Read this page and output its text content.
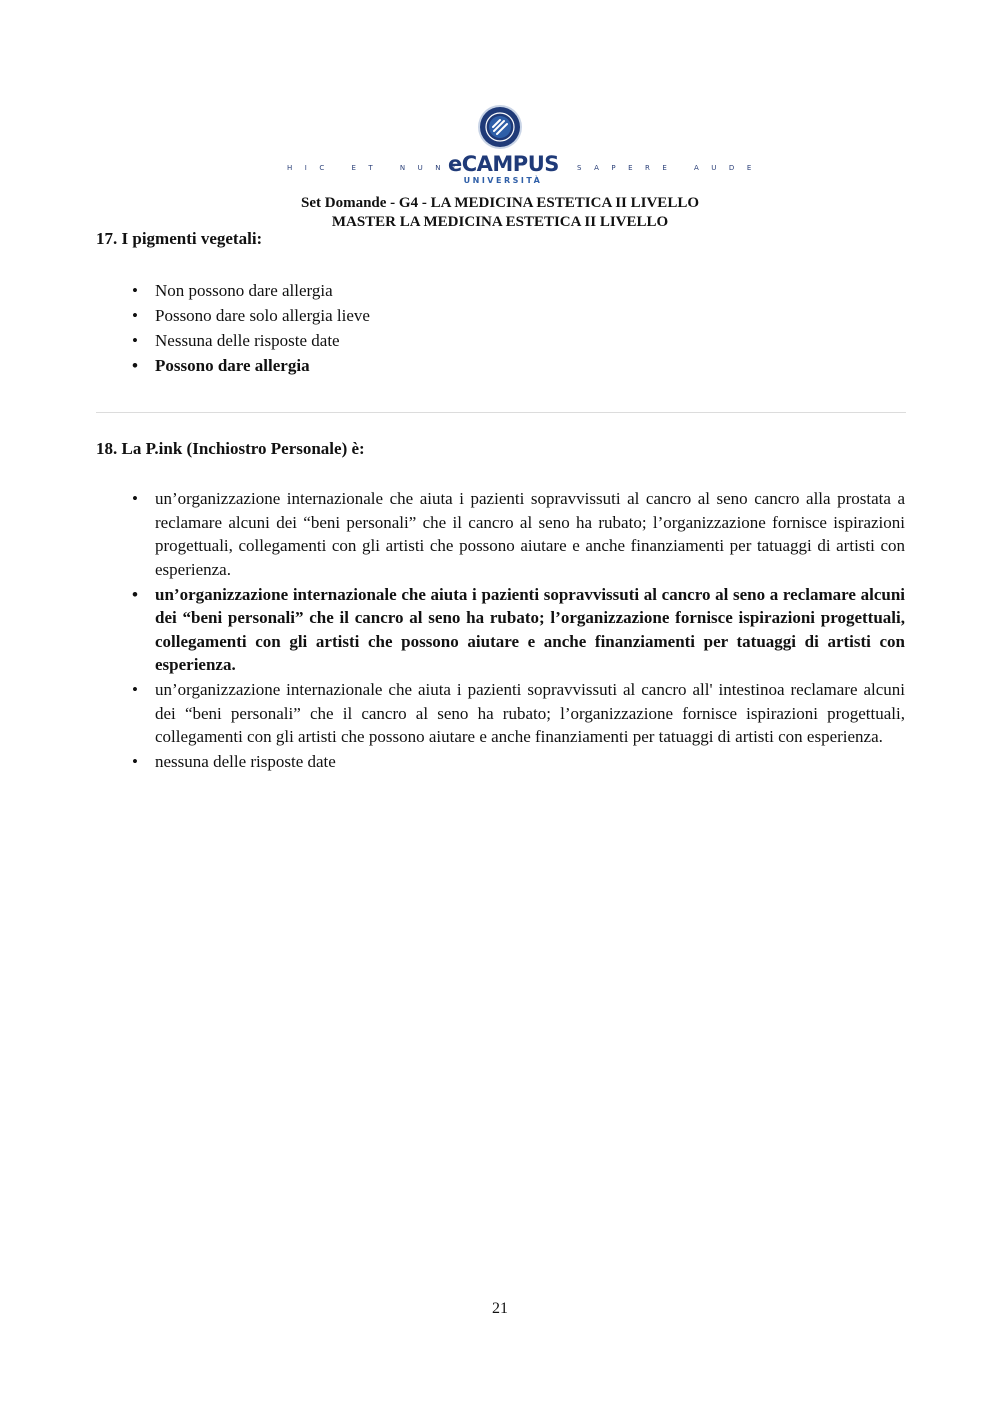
HIC ET NUNC
eCAMPUS
UNIVERSITÀ
SAPERE AUDE
Set Domande - G4 - LA MEDICINA ESTETICA II LIVELLO
MASTER LA MEDICINA ESTETICA II LIVELLO
17. I pigmenti vegetali:
• Non possono dare allergia
• Possono dare solo allergia lieve
• Nessuna delle risposte date
• Possono dare allergia
18. La P.ink (Inchiostro Personale) è:
• un’organizzazione internazionale che aiuta i pazienti sopravvissuti al cancro al seno cancro alla prostata a reclamare alcuni dei “beni personali” che il cancro al seno ha rubato; l’organizzazione fornisce ispirazioni progettuali, collegamenti con gli artisti che possono aiutare e anche finanziamenti per tatuaggi di artisti con esperienza.
• un’organizzazione internazionale che aiuta i pazienti sopravvissuti al cancro al seno a reclamare alcuni dei “beni personali” che il cancro al seno ha rubato; l’organizzazione fornisce ispirazioni progettuali, collegamenti con gli artisti che possono aiutare e anche finanziamenti per tatuaggi di artisti con esperienza.
• un’organizzazione internazionale che aiuta i pazienti sopravvissuti al cancro all' intestinoa reclamare alcuni dei “beni personali” che il cancro al seno ha rubato; l’organizzazione fornisce ispirazioni progettuali, collegamenti con gli artisti che possono aiutare e anche finanziamenti per tatuaggi di artisti con esperienza.
• nessuna delle risposte date
21
